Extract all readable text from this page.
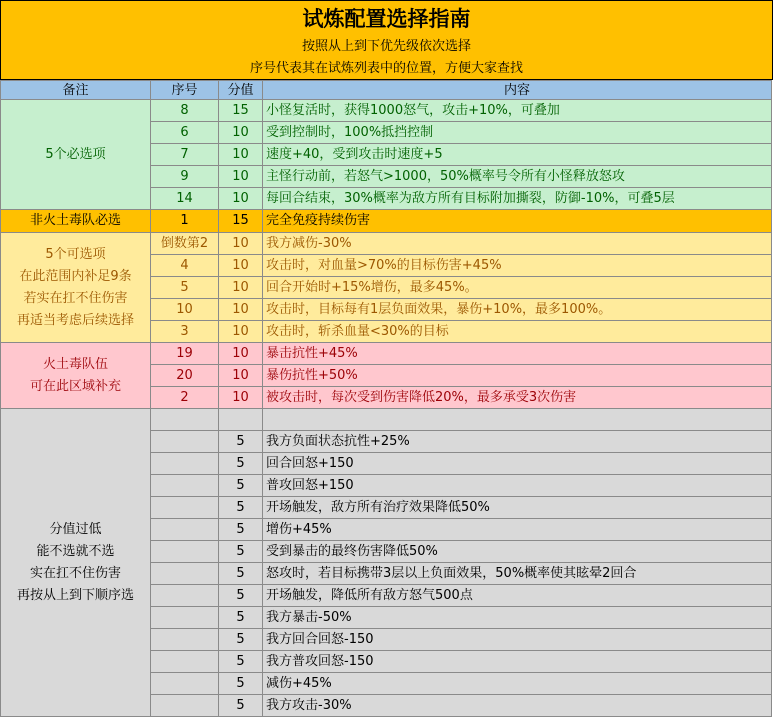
试炼配置选择指南
按照从上到下优先级依次选择
序号代表其在试炼列表中的位置，方便大家查找
备注	序号	分值	内容

5个必选项	8	15	小怪复活时，获得1000怒气，攻击+10%，可叠加
	6	10	受到控制时，100%抵挡控制
	7	10	速度+40，受到攻击时速度+5
	9	10	主怪行动前，若怒气>1000，50%概率号令所有小怪释放怒攻
	14	10	每回合结束，30%概率为敌方所有目标附加撕裂，防御-10%，可叠5层

非火土毒队必选	1	15	完全免疫持续伤害

5个可选项
在此范围内补足9条
若实在扛不住伤害
再适当考虑后续选择	倒数第2	10	我方减伤-30%
	4	10	攻击时，对血量>70%的目标伤害+45%
	5	10	回合开始时+15%增伤，最多45%。
	10	10	攻击时，目标每有1层负面效果，暴伤+10%，最多100%。
	3	10	攻击时，斩杀血量<30%的目标

火土毒队伍
可在此区域补充	19	10	暴击抗性+45%
	20	10	暴伤抗性+50%
	2	10	被攻击时，每次受到伤害降低20%，最多承受3次伤害

分值过低
能不选就不选
实在扛不住伤害
再按从上到下顺序选			

		5	我方负面状态抗性+25%
		5	回合回怒+150
		5	普攻回怒+150
		5	开场触发，敌方所有治疗效果降低50%
		5	增伤+45%
		5	受到暴击的最终伤害降低50%
		5	怒攻时，若目标携带3层以上负面效果，50%概率使其眩晕2回合
		5	开场触发，降低所有敌方怒气500点
		5	我方暴击-50%
		5	我方回合回怒-150
		5	我方普攻回怒-150
		5	减伤+45%
		5	我方攻击-30%
